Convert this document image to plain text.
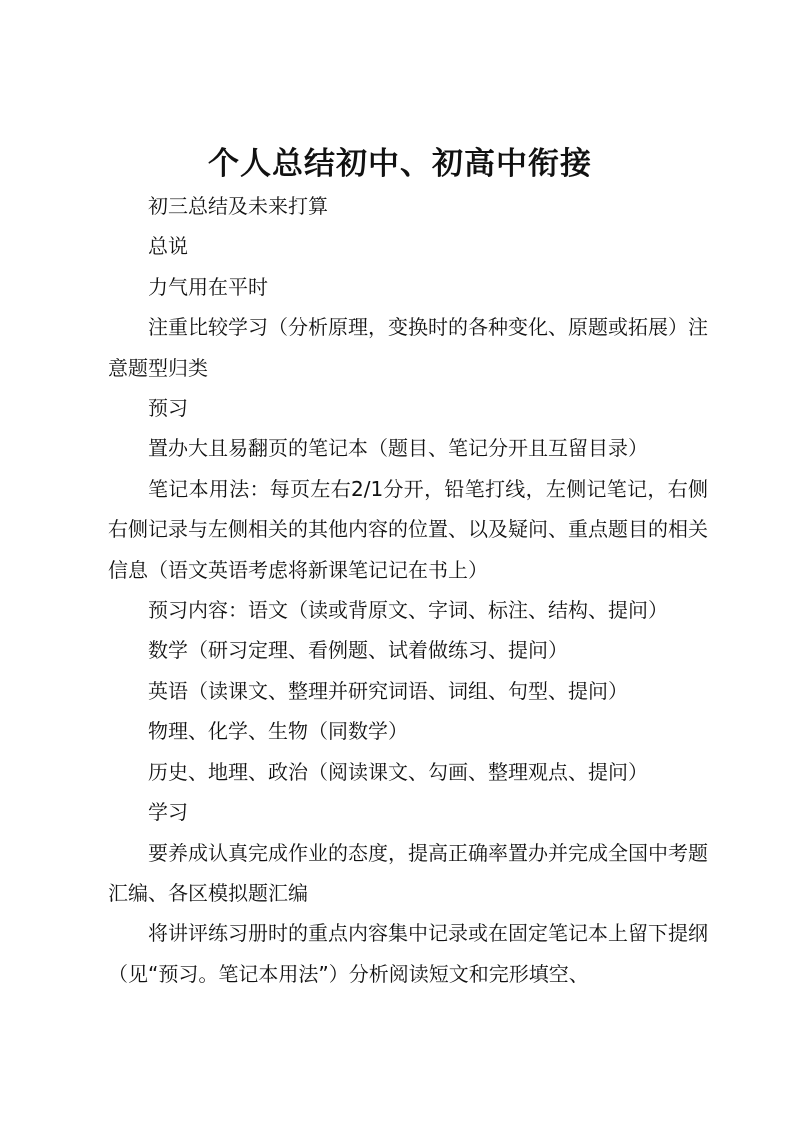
个人总结初中、初高中衔接

初三总结及未来打算

总说

力气用在平时

注重比较学习（分析原理，变换时的各种变化、原题或拓展）注意题型归类

预习

置办大且易翻页的笔记本（题目、笔记分开且互留目录）

笔记本用法：每页左右2/1分开，铅笔打线，左侧记笔记，右侧右侧记录与左侧相关的其他内容的位置、以及疑问、重点题目的相关信息（语文英语考虑将新课笔记记在书上）

预习内容：语文（读或背原文、字词、标注、结构、提问）

数学（研习定理、看例题、试着做练习、提问）

英语（读课文、整理并研究词语、词组、句型、提问）

物理、化学、生物（同数学）

历史、地理、政治（阅读课文、勾画、整理观点、提问）

学习

要养成认真完成作业的态度，提高正确率置办并完成全国中考题汇编、各区模拟题汇编

将讲评练习册时的重点内容集中记录或在固定笔记本上留下提纲（见“预习。笔记本用法”）分析阅读短文和完形填空、
